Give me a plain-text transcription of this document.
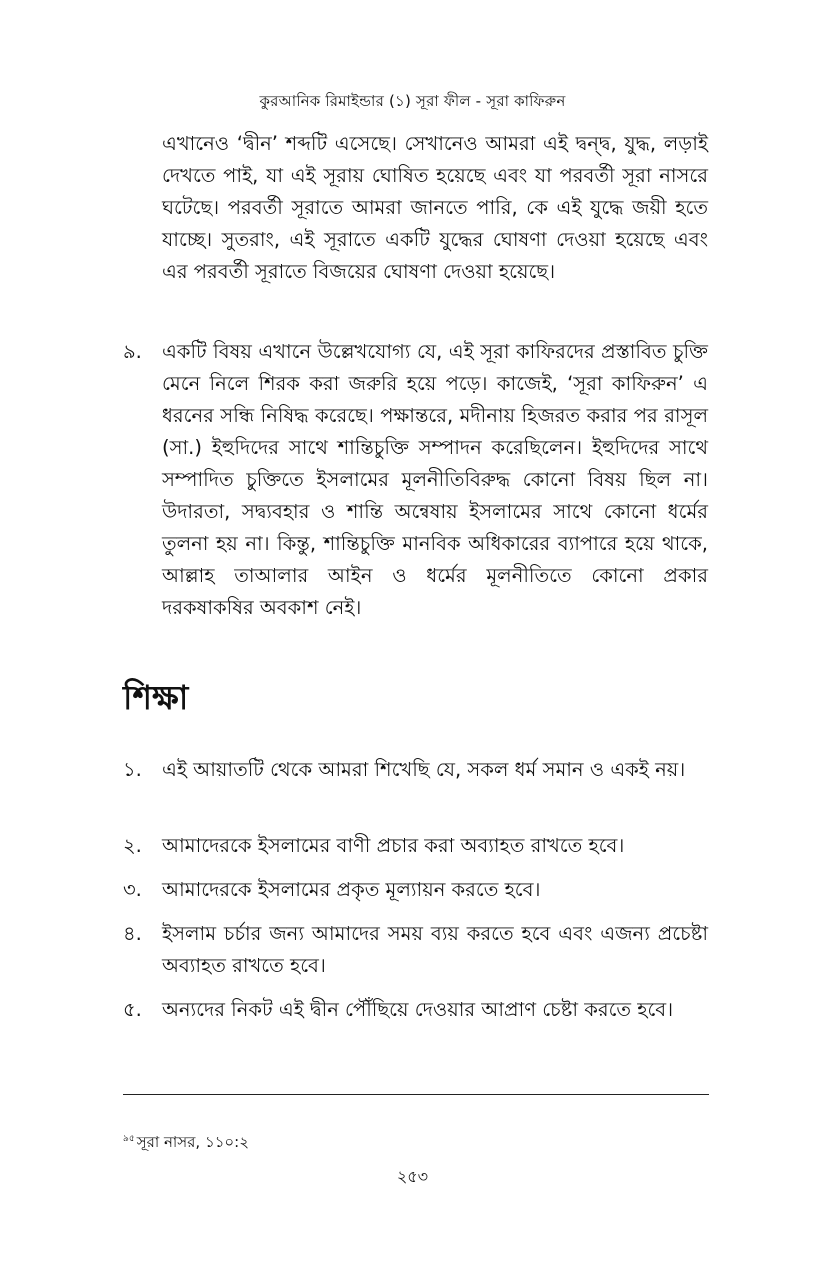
কুরআনিক রিমাইন্ডার (১) সূরা ফীল - সূরা কাফিরুন

এখানেও ‘দ্বীন’ শব্দটি এসেছে। সেখানেও আমরা এই দ্বন্দ্ব, যুদ্ধ, লড়াই দেখতে পাই, যা এই সূরায় ঘোষিত হয়েছে এবং যা পরবর্তী সূরা নাসরে ঘটেছে। পরবর্তী সূরাতে আমরা জানতে পারি, কে এই যুদ্ধে জয়ী হতে যাচ্ছে। সুতরাং, এই সূরাতে একটি যুদ্ধের ঘোষণা দেওয়া হয়েছে এবং এর পরবর্তী সূরাতে বিজয়ের ঘোষণা দেওয়া হয়েছে।

৯. একটি বিষয় এখানে উল্লেখযোগ্য যে, এই সূরা কাফিরদের প্রস্তাবিত চুক্তি মেনে নিলে শিরক করা জরুরি হয়ে পড়ে। কাজেই, ‘সূরা কাফিরুন’ এ ধরনের সন্ধি নিষিদ্ধ করেছে। পক্ষান্তরে, মদীনায় হিজরত করার পর রাসূল (সা.) ইহুদিদের সাথে শান্তিচুক্তি সম্পাদন করেছিলেন। ইহুদিদের সাথে সম্পাদিত চুক্তিতে ইসলামের মূলনীতিবিরুদ্ধ কোনো বিষয় ছিল না। উদারতা, সদ্ব্যবহার ও শান্তি অন্বেষায় ইসলামের সাথে কোনো ধর্মের তুলনা হয় না। কিন্তু, শান্তিচুক্তি মানবিক অধিকারের ব্যাপারে হয়ে থাকে, আল্লাহ তাআলার আইন ও ধর্মের মূলনীতিতে কোনো প্রকার দরকষাকষির অবকাশ নেই।
শিক্ষা
১. এই আয়াতটি থেকে আমরা শিখেছি যে, সকল ধর্ম সমান ও একই নয়।
২. আমাদেরকে ইসলামের বাণী প্রচার করা অব্যাহত রাখতে হবে।
৩. আমাদেরকে ইসলামের প্রকৃত মূল্যায়ন করতে হবে।
৪. ইসলাম চর্চার জন্য আমাদের সময় ব্যয় করতে হবে এবং এজন্য প্রচেষ্টা অব্যাহত রাখতে হবে।
৫. অন্যদের নিকট এই দ্বীন পৌঁছিয়ে দেওয়ার আপ্রাণ চেষ্টা করতে হবে।
$^{৯৫}$ সূরা নাসর, ১১০:২
২৫৩
